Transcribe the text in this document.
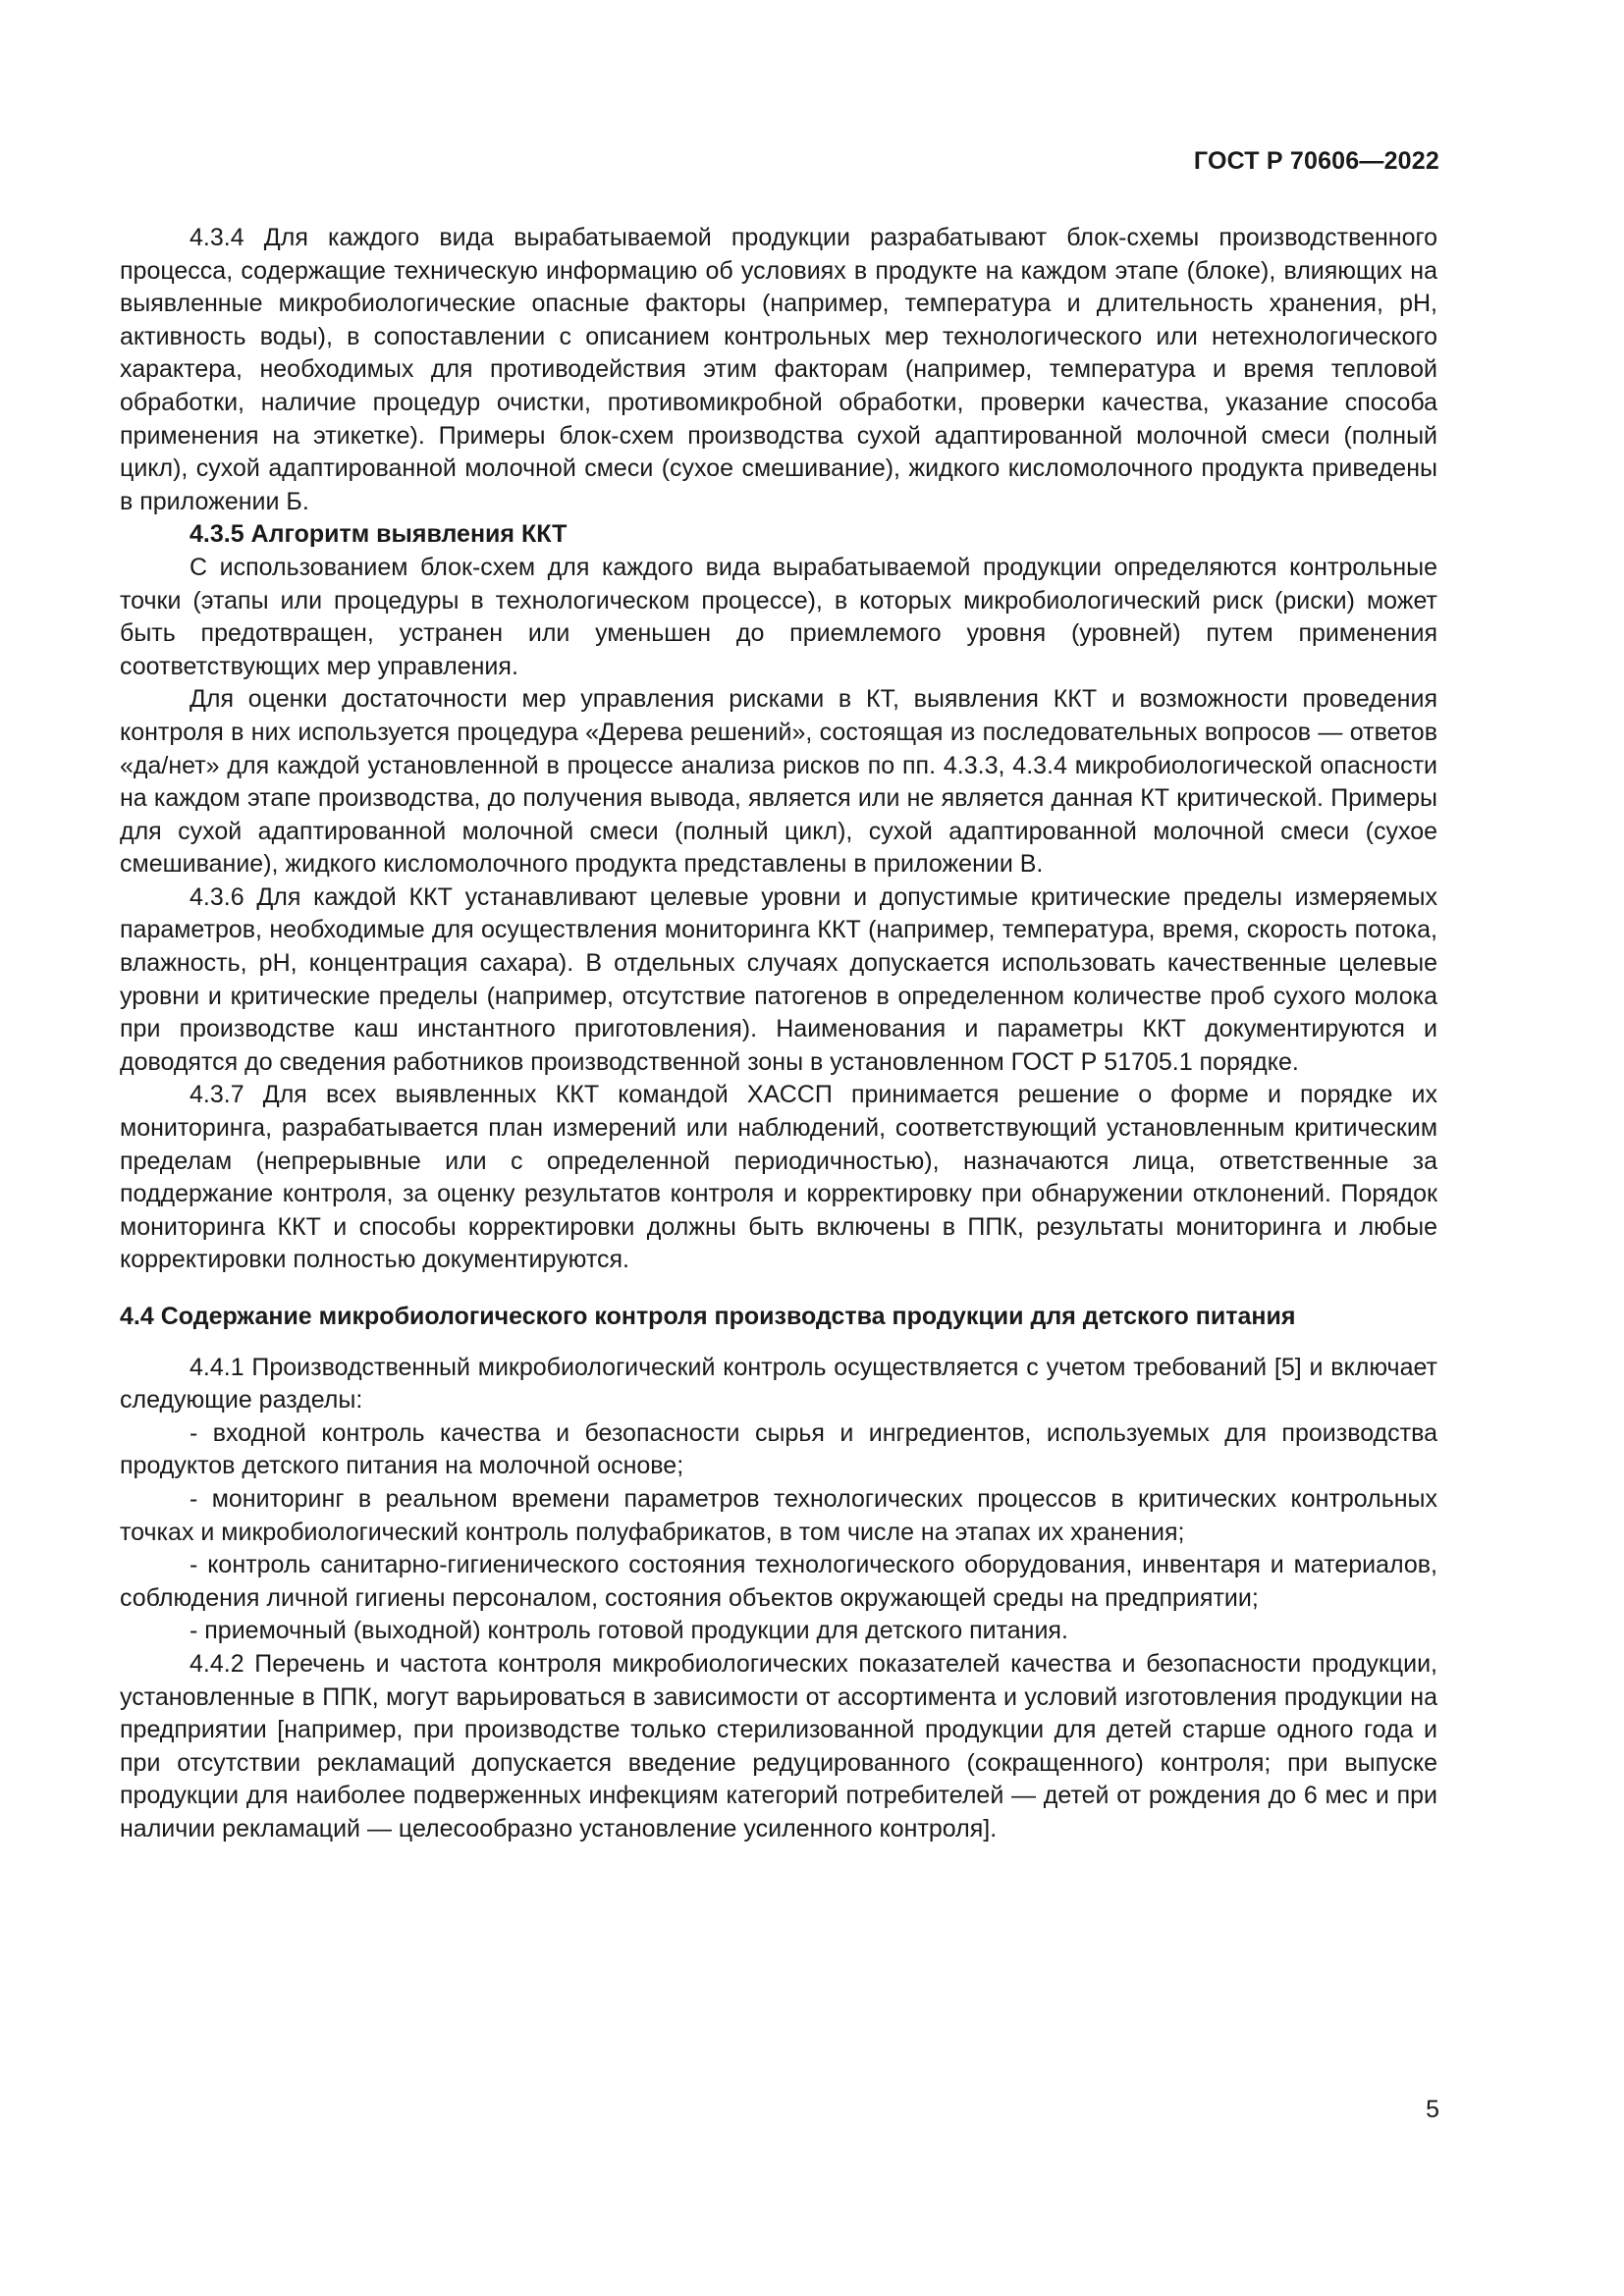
ГОСТ Р 70606—2022

4.3.4 Для каждого вида вырабатываемой продукции разрабатывают блок-схемы производственного процесса, содержащие техническую информацию об условиях в продукте на каждом этапе (блоке), влияющих на выявленные микробиологические опасные факторы (например, температура и длительность хранения, рН, активность воды), в сопоставлении с описанием контрольных мер технологического или нетехнологического характера, необходимых для противодействия этим факторам (например, температура и время тепловой обработки, наличие процедур очистки, противомикробной обработки, проверки качества, указание способа применения на этикетке). Примеры блок-схем производства сухой адаптированной молочной смеси (полный цикл), сухой адаптированной молочной смеси (сухое смешивание), жидкого кисломолочного продукта приведены в приложении Б.

4.3.5 Алгоритм выявления ККТ

С использованием блок-схем для каждого вида вырабатываемой продукции определяются контрольные точки (этапы или процедуры в технологическом процессе), в которых микробиологический риск (риски) может быть предотвращен, устранен или уменьшен до приемлемого уровня (уровней) путем применения соответствующих мер управления.

Для оценки достаточности мер управления рисками в КТ, выявления ККТ и возможности проведения контроля в них используется процедура «Дерева решений», состоящая из последовательных вопросов — ответов «да/нет» для каждой установленной в процессе анализа рисков по пп. 4.3.3, 4.3.4 микробиологической опасности на каждом этапе производства, до получения вывода, является или не является данная КТ критической. Примеры для сухой адаптированной молочной смеси (полный цикл), сухой адаптированной молочной смеси (сухое смешивание), жидкого кисломолочного продукта представлены в приложении В.

4.3.6 Для каждой ККТ устанавливают целевые уровни и допустимые критические пределы измеряемых параметров, необходимые для осуществления мониторинга ККТ (например, температура, время, скорость потока, влажность, рН, концентрация сахара). В отдельных случаях допускается использовать качественные целевые уровни и критические пределы (например, отсутствие патогенов в определенном количестве проб сухого молока при производстве каш инстантного приготовления). Наименования и параметры ККТ документируются и доводятся до сведения работников производственной зоны в установленном ГОСТ Р 51705.1 порядке.

4.3.7 Для всех выявленных ККТ командой ХАССП принимается решение о форме и порядке их мониторинга, разрабатывается план измерений или наблюдений, соответствующий установленным критическим пределам (непрерывные или с определенной периодичностью), назначаются лица, ответственные за поддержание контроля, за оценку результатов контроля и корректировку при обнаружении отклонений. Порядок мониторинга ККТ и способы корректировки должны быть включены в ППК, результаты мониторинга и любые корректировки полностью документируются.

4.4 Содержание микробиологического контроля производства продукции для детского питания

4.4.1 Производственный микробиологический контроль осуществляется с учетом требований [5] и включает следующие разделы:

- входной контроль качества и безопасности сырья и ингредиентов, используемых для производства продуктов детского питания на молочной основе;

- мониторинг в реальном времени параметров технологических процессов в критических контрольных точках и микробиологический контроль полуфабрикатов, в том числе на этапах их хранения;

- контроль санитарно-гигиенического состояния технологического оборудования, инвентаря и материалов, соблюдения личной гигиены персоналом, состояния объектов окружающей среды на предприятии;

- приемочный (выходной) контроль готовой продукции для детского питания.

4.4.2 Перечень и частота контроля микробиологических показателей качества и безопасности продукции, установленные в ППК, могут варьироваться в зависимости от ассортимента и условий изготовления продукции на предприятии [например, при производстве только стерилизованной продукции для детей старше одного года и при отсутствии рекламаций допускается введение редуцированного (сокращенного) контроля; при выпуске продукции для наиболее подверженных инфекциям категорий потребителей — детей от рождения до 6 мес и при наличии рекламаций — целесообразно установление усиленного контроля].

5
